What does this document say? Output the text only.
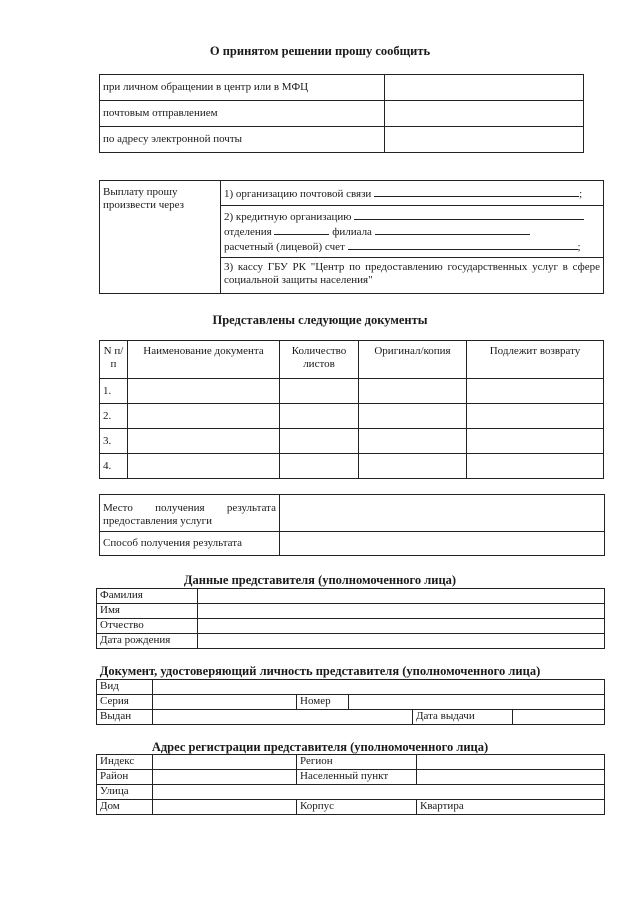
О принятом решении прошу сообщить
при личном обращении в центр или в МФЦ	
почтовым отправлением	
по адресу электронной почты	
Выплату прошу произвести через	1) организацию почтовой связи	;

2) кредитную организацию
отделения	филиала
расчетный (лицевой) счет	;

3) кассу ГБУ РК "Центр по предоставлению государственных услуг в сфере социальной защиты населения"
Представлены следующие документы
N п/п	Наименование документа	Количество листов	Оригинал/копия	Подлежит возврату
1.				
2.				
3.				
4.				
Место получения результата предоставления услуги	
Способ получения результата	
Данные представителя (уполномоченного лица)
Фамилия	
Имя	
Отчество	
Дата рождения	
Документ, удостоверяющий личность представителя (уполномоченного лица)
Вид					
Серия		Номер			
Выдан				Дата выдачи	
Адрес регистрации представителя (уполномоченного лица)
Индекс		Регион	
Район		Населенный пункт	
Улица			
Дом		Корпус	Квартира
